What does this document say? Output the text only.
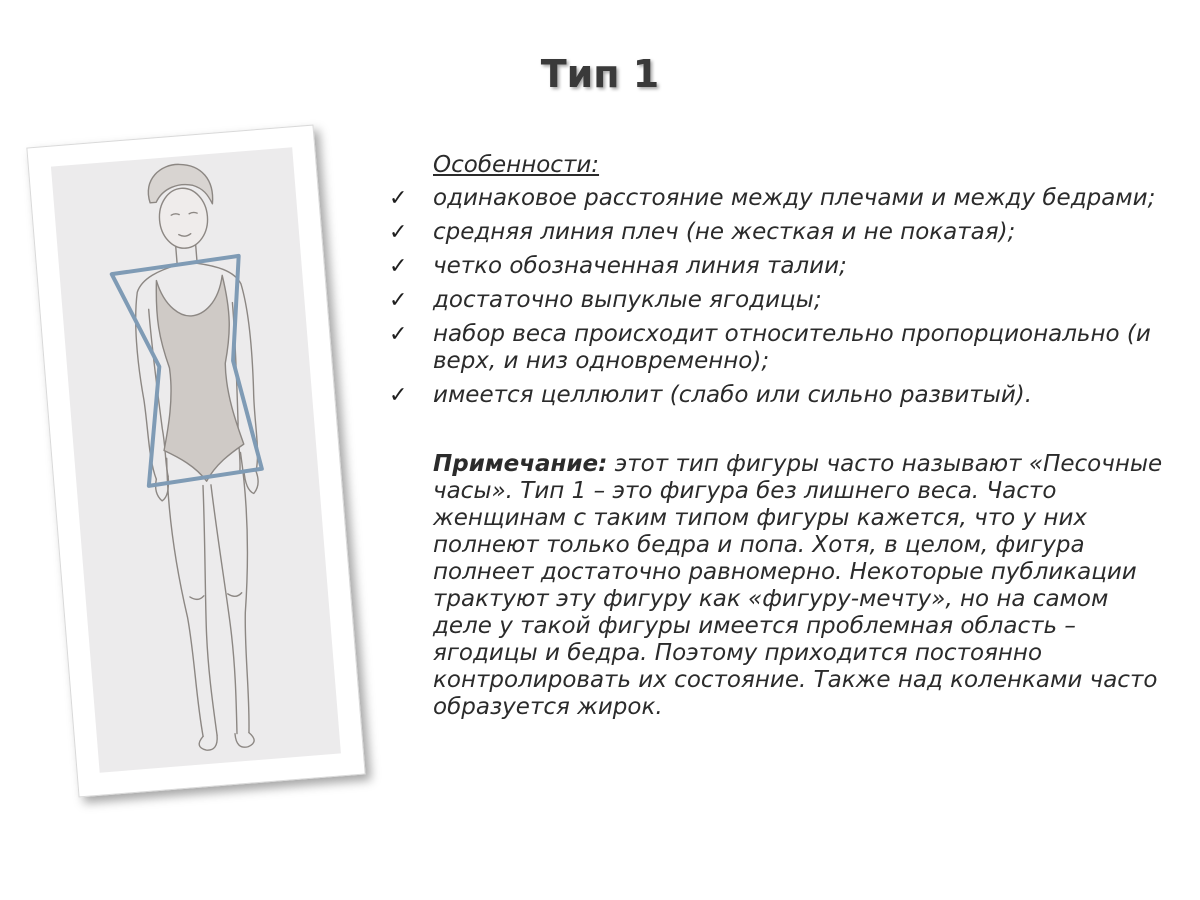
Тип 1
Особенности:
✓ одинаковое расстояние между плечами и между бедрами;
✓ средняя линия плеч (не жесткая и не покатая);
✓ четко обозначенная линия талии;
✓ достаточно выпуклые ягодицы;
✓ набор веса происходит относительно пропорционально (и верх, и низ одновременно);
✓ имеется целлюлит (слабо или сильно развитый).
Примечание: этот тип фигуры часто называют «Песочные часы». Тип 1 – это фигура без лишнего веса. Часто женщинам с таким типом фигуры кажется, что у них полнеют только бедра и попа. Хотя, в целом, фигура полнеет достаточно равномерно. Некоторые публикации трактуют эту фигуру как «фигуру-мечту», но на самом деле у такой фигуры имеется проблемная область – ягодицы и бедра. Поэтому приходится постоянно контролировать их состояние. Также над коленками часто образуется жирок.
